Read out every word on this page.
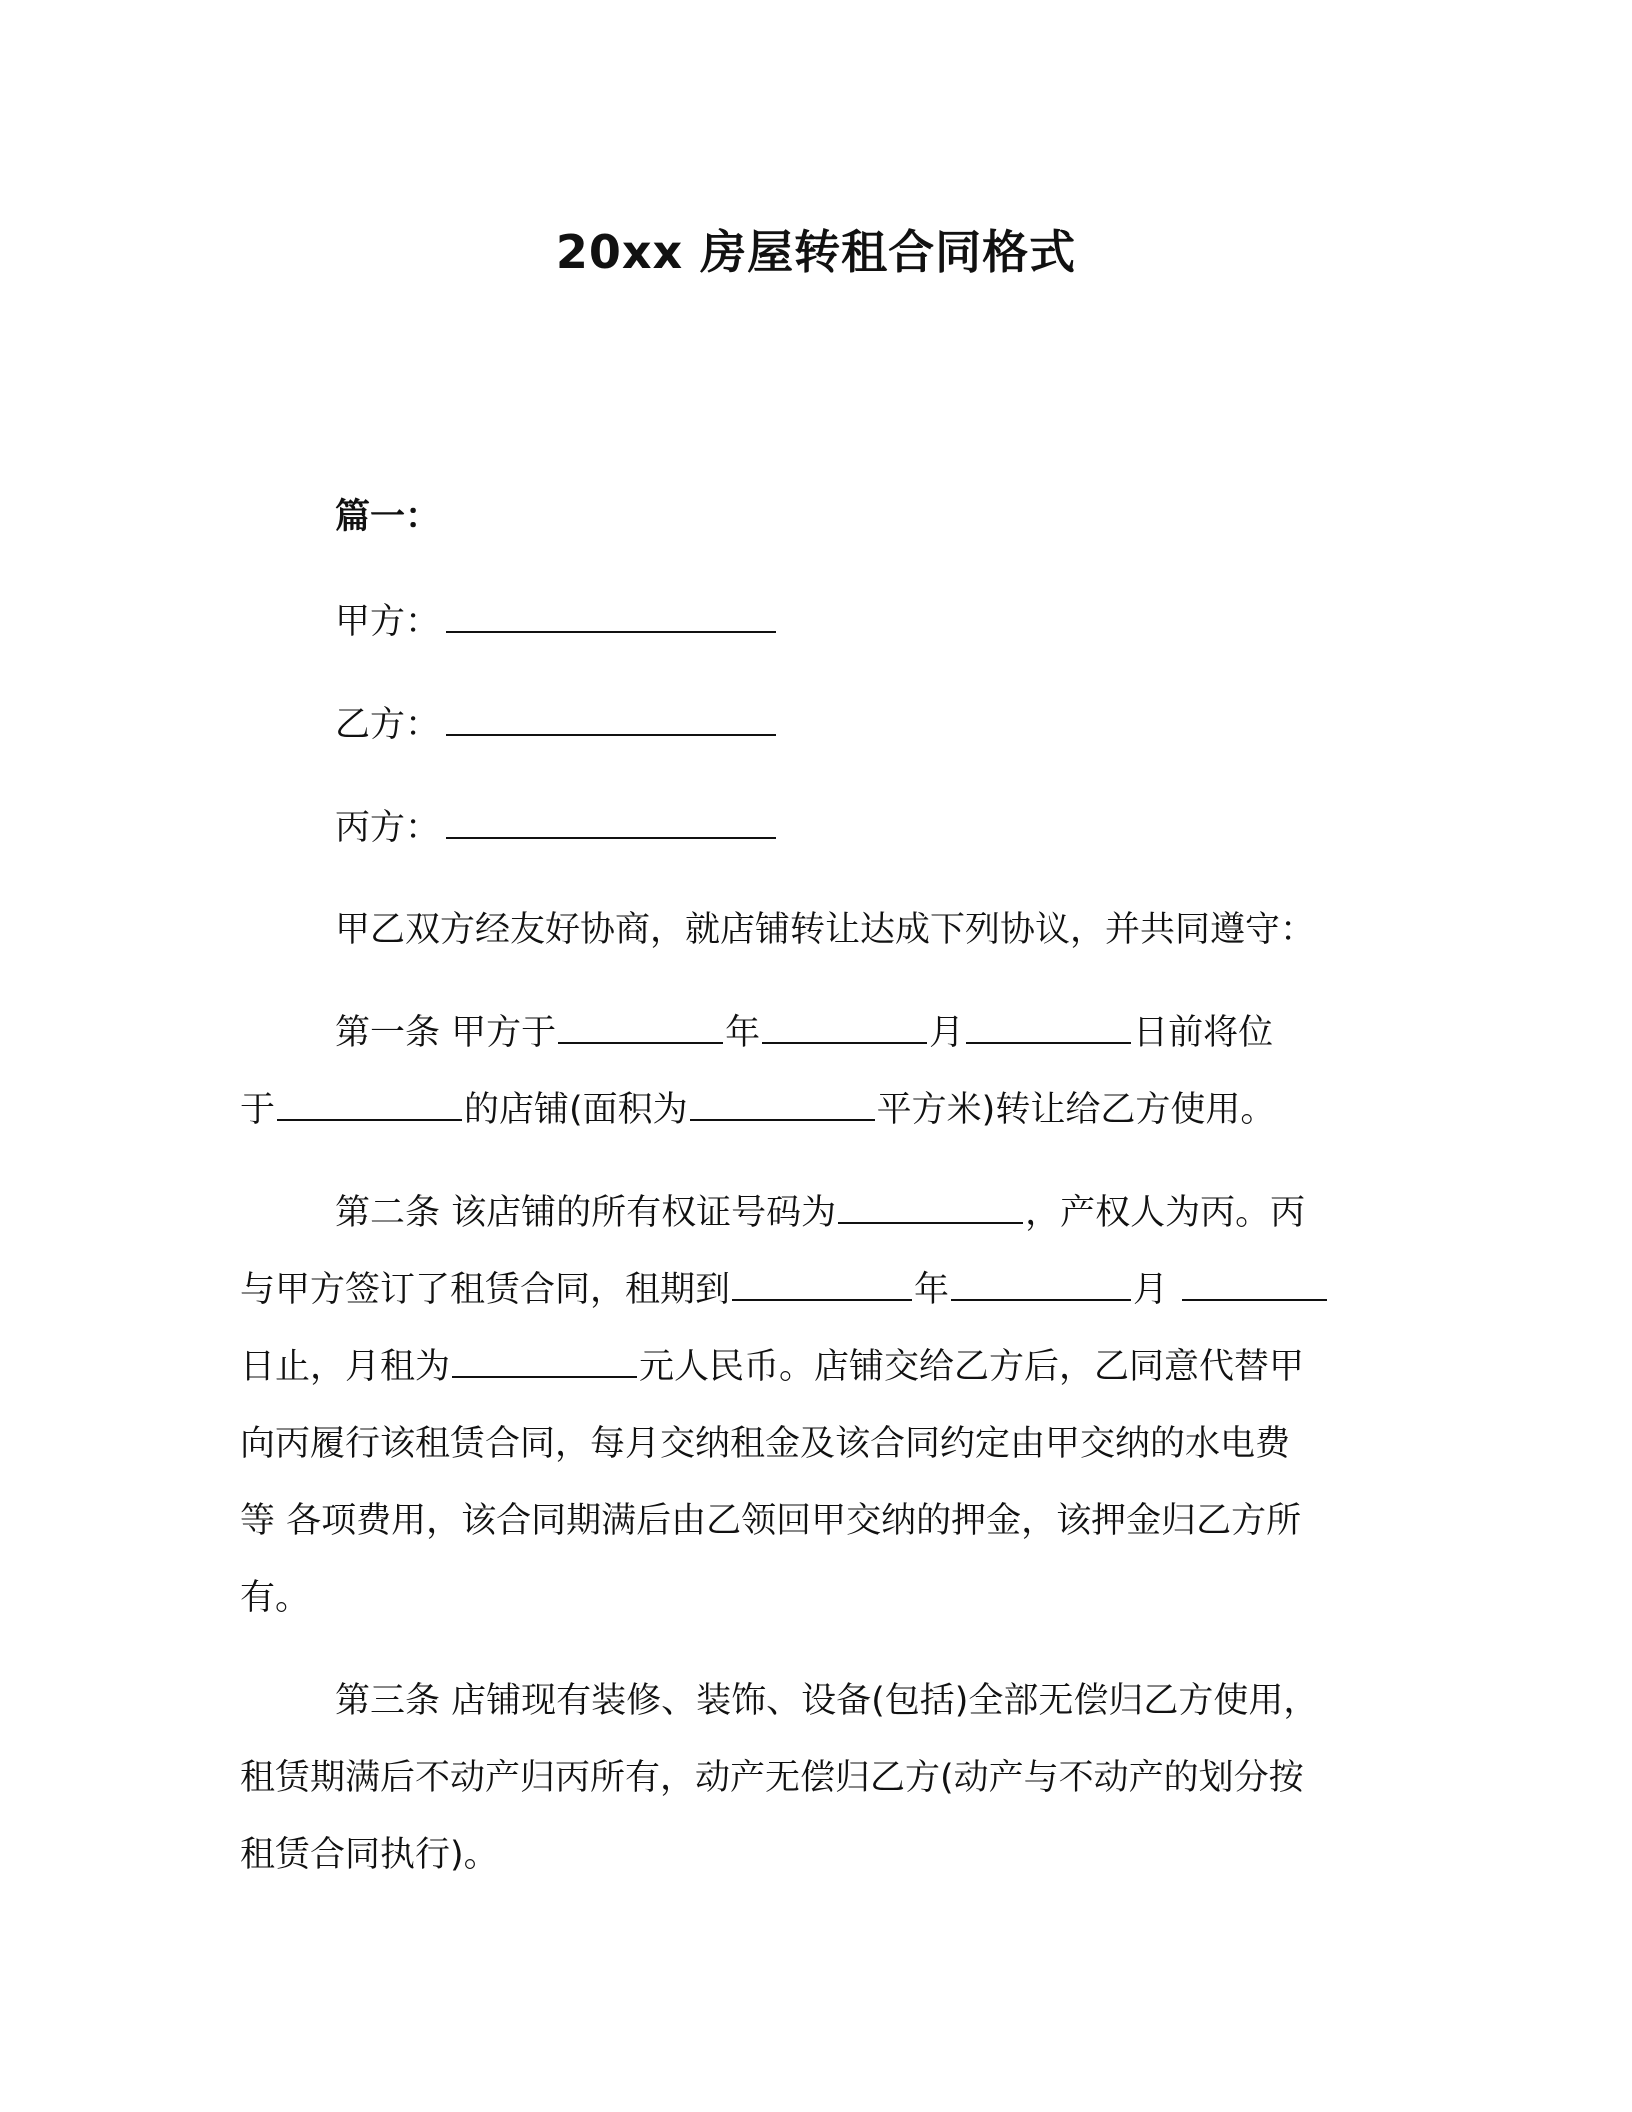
20xx 房屋转租合同格式
篇一：
甲方：
乙方：
丙方：
甲乙双方经友好协商，就店铺转让达成下列协议，并共同遵守：
第一条 甲方于	年	月	日前将位
于	的店铺(面积为	平方米)转让给乙方使用。
第二条 该店铺的所有权证号码为	，产权人为丙。丙
与甲方签订了租赁合同，租期到	年	月
日止，月租为	元人民币。店铺交给乙方后，乙同意代替甲
向丙履行该租赁合同，每月交纳租金及该合同约定由甲交纳的水电费
等 各项费用，该合同期满后由乙领回甲交纳的押金，该押金归乙方所
有。
第三条 店铺现有装修、装饰、设备(包括)全部无偿归乙方使用，
租赁期满后不动产归丙所有，动产无偿归乙方(动产与不动产的划分按
租赁合同执行)。
